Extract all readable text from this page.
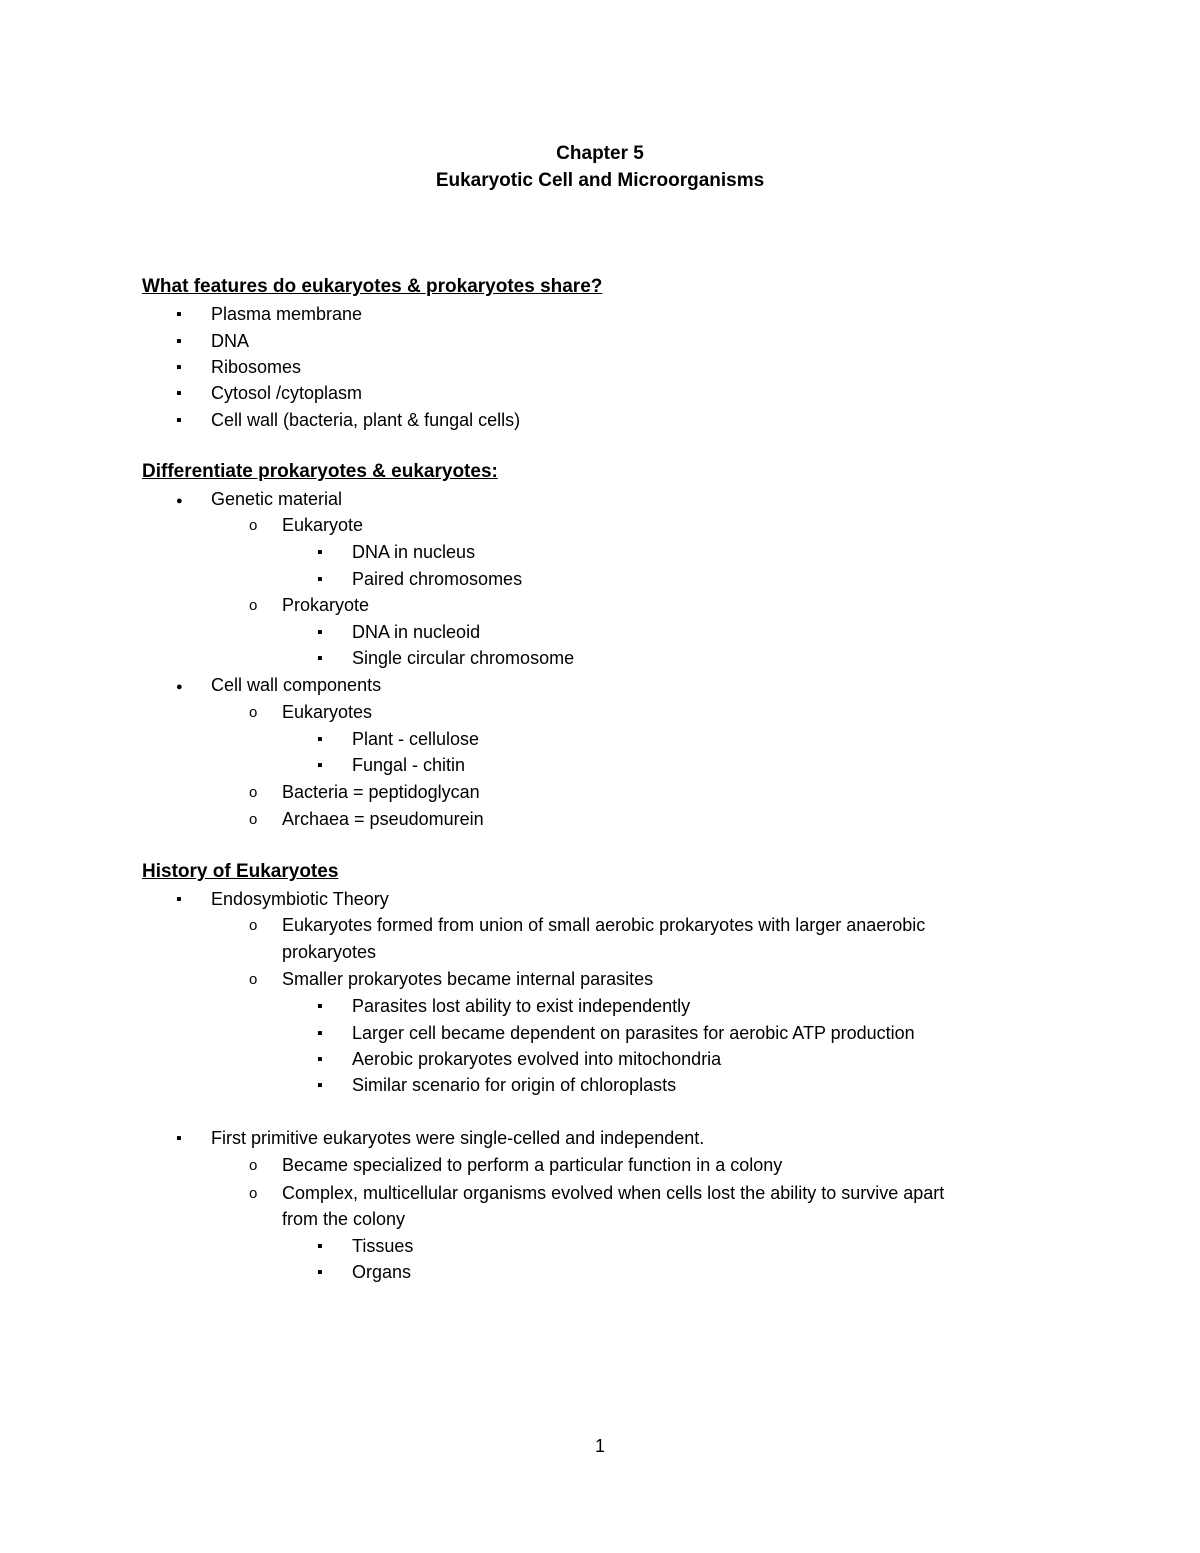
Chapter 5
Eukaryotic Cell and Microorganisms
What features do eukaryotes & prokaryotes share?
▪
Plasma membrane
▪
DNA
▪
Ribosomes
▪
Cytosol /cytoplasm
▪
Cell wall (bacteria, plant & fungal cells)
Differentiate prokaryotes & eukaryotes:
●
Genetic material
o
Eukaryote
▪
DNA in nucleus
▪
Paired chromosomes
o
Prokaryote
▪
DNA in nucleoid
▪
Single circular chromosome
●
Cell wall components
o
Eukaryotes
▪
Plant - cellulose
▪
Fungal - chitin
o
Bacteria = peptidoglycan
o
Archaea = pseudomurein
History of Eukaryotes
▪
Endosymbiotic Theory
o
Eukaryotes formed from union of small aerobic prokaryotes with larger anaerobic
prokaryotes
o
Smaller prokaryotes became internal parasites
▪
Parasites lost ability to exist independently
▪
Larger cell became dependent on parasites for aerobic ATP production
▪
Aerobic prokaryotes evolved into mitochondria
▪
Similar scenario for origin of chloroplasts
▪
First primitive eukaryotes were single-celled and independent.
o
Became specialized to perform a particular function in a colony
o
Complex, multicellular organisms evolved when cells lost the ability to survive apart
from the colony
▪
Tissues
▪
Organs
1
